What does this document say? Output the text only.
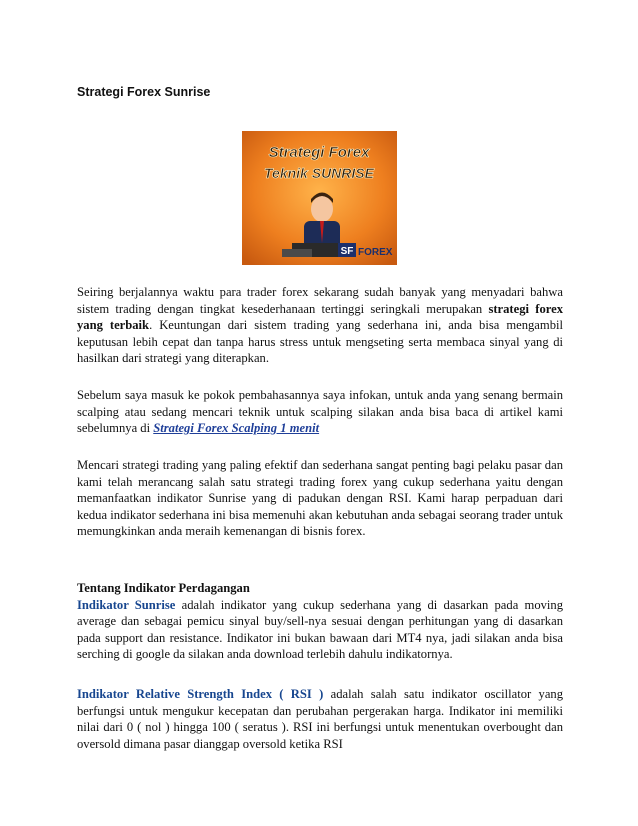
Strategi Forex Sunrise
Strategi Forex
Teknik SUNRISE
SF FOREX

Seiring berjalannya waktu para trader forex sekarang sudah banyak yang menyadari bahwa sistem trading dengan tingkat kesederhanaan tertinggi seringkali merupakan strategi forex yang terbaik. Keuntungan dari sistem trading yang sederhana ini, anda bisa mengambil keputusan lebih cepat dan tanpa harus stress untuk mengseting serta membaca sinyal yang di hasilkan dari strategi yang diterapkan.

Sebelum saya masuk ke pokok pembahasannya saya infokan, untuk anda yang senang bermain scalping atau sedang mencari teknik untuk scalping silakan anda bisa baca di artikel kami sebelumnya di Strategi Forex Scalping 1 menit

Mencari strategi trading yang paling efektif dan sederhana sangat penting bagi pelaku pasar dan kami telah merancang salah satu strategi trading forex yang cukup sederhana yaitu dengan memanfaatkan indikator Sunrise yang di padukan dengan RSI. Kami harap perpaduan dari kedua indikator sederhana ini bisa memenuhi akan kebutuhan anda sebagai seorang trader untuk memungkinkan anda meraih kemenangan di bisnis forex.

Tentang Indikator Perdagangan
Indikator Sunrise adalah indikator yang cukup sederhana yang di dasarkan pada moving average dan sebagai pemicu sinyal buy/sell-nya sesuai dengan perhitungan yang di dasarkan pada support dan resistance. Indikator ini bukan bawaan dari MT4 nya, jadi silakan anda bisa serching di google da silakan anda download terlebih dahulu indikatornya.

Indikator Relative Strength Index ( RSI ) adalah salah satu indikator oscillator yang berfungsi untuk mengukur kecepatan dan perubahan pergerakan harga. Indikator ini memiliki nilai dari 0 ( nol ) hingga 100 ( seratus ). RSI ini berfungsi untuk menentukan overbought dan oversold dimana pasar dianggap oversold ketika RSI
